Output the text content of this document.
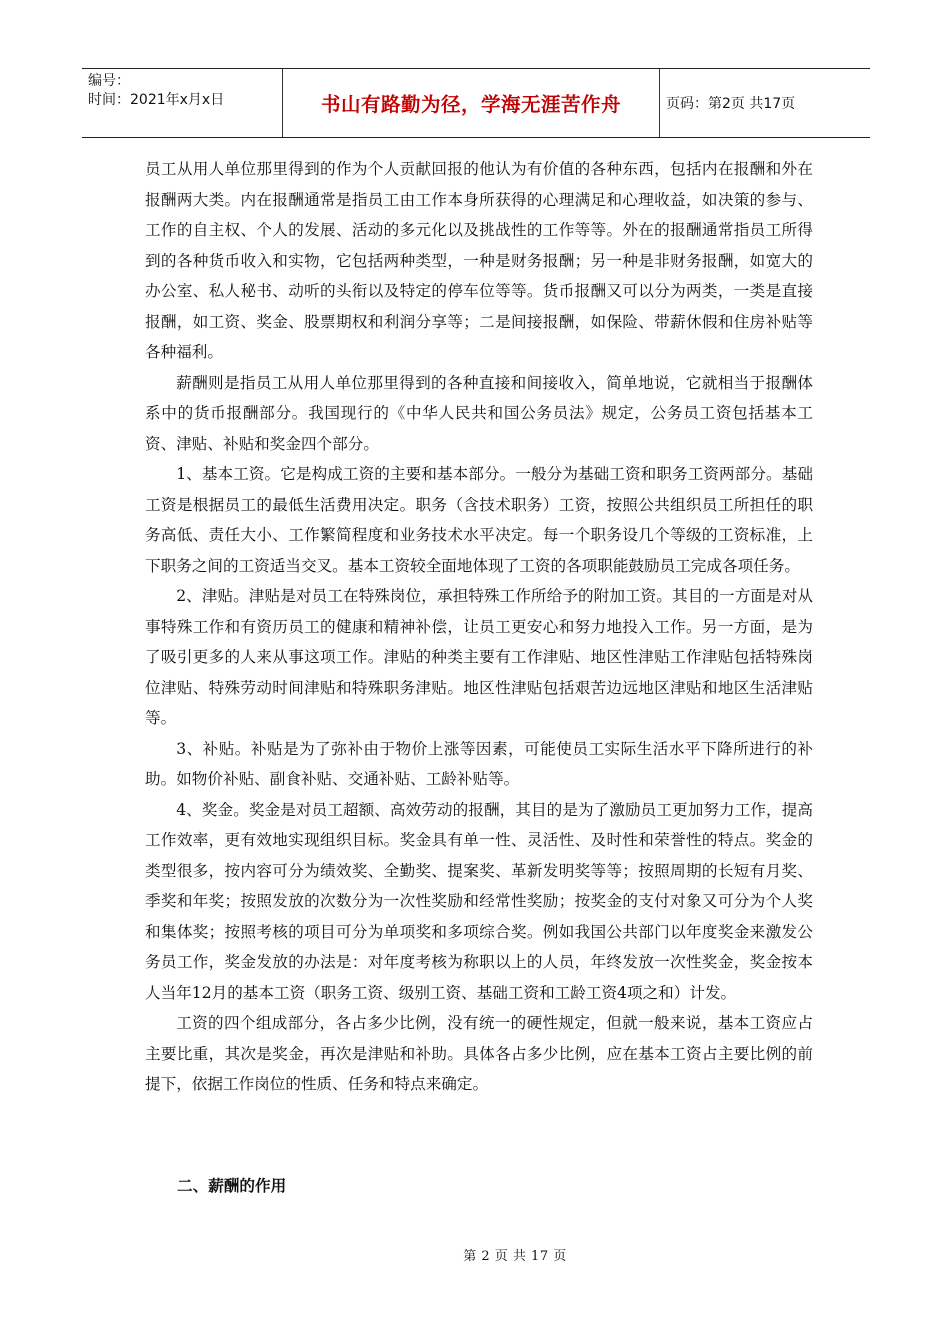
编号：
时间：2021年x月x日	书山有路勤为径，学海无涯苦作舟	页码：第2页 共17页

员工从用人单位那里得到的作为个人贡献回报的他认为有价值的各种东西，包括内在报酬和外在报酬两大类。内在报酬通常是指员工由工作本身所获得的心理满足和心理收益，如决策的参与、工作的自主权、个人的发展、活动的多元化以及挑战性的工作等等。外在的报酬通常指员工所得到的各种货币收入和实物，它包括两种类型，一种是财务报酬；另一种是非财务报酬，如宽大的办公室、私人秘书、动听的头衔以及特定的停车位等等。货币报酬又可以分为两类，一类是直接报酬，如工资、奖金、股票期权和利润分享等；二是间接报酬，如保险、带薪休假和住房补贴等各种福利。

薪酬则是指员工从用人单位那里得到的各种直接和间接收入，简单地说，它就相当于报酬体系中的货币报酬部分。我国现行的《中华人民共和国公务员法》规定，公务员工资包括基本工资、津贴、补贴和奖金四个部分。

1、基本工资。它是构成工资的主要和基本部分。一般分为基础工资和职务工资两部分。基础工资是根据员工的最低生活费用决定。职务（含技术职务）工资，按照公共组织员工所担任的职务高低、责任大小、工作繁简程度和业务技术水平决定。每一个职务设几个等级的工资标准，上下职务之间的工资适当交叉。基本工资较全面地体现了工资的各项职能鼓励员工完成各项任务。

2、津贴。津贴是对员工在特殊岗位，承担特殊工作所给予的附加工资。其目的一方面是对从事特殊工作和有资历员工的健康和精神补偿，让员工更安心和努力地投入工作。另一方面，是为了吸引更多的人来从事这项工作。津贴的种类主要有工作津贴、地区性津贴工作津贴包括特殊岗位津贴、特殊劳动时间津贴和特殊职务津贴。地区性津贴包括艰苦边远地区津贴和地区生活津贴等。

3、补贴。补贴是为了弥补由于物价上涨等因素，可能使员工实际生活水平下降所进行的补助。如物价补贴、副食补贴、交通补贴、工龄补贴等。

4、奖金。奖金是对员工超额、高效劳动的报酬，其目的是为了激励员工更加努力工作，提高工作效率，更有效地实现组织目标。奖金具有单一性、灵活性、及时性和荣誉性的特点。奖金的类型很多，按内容可分为绩效奖、全勤奖、提案奖、革新发明奖等等；按照周期的长短有月奖、季奖和年奖；按照发放的次数分为一次性奖励和经常性奖励；按奖金的支付对象又可分为个人奖和集体奖；按照考核的项目可分为单项奖和多项综合奖。例如我国公共部门以年度奖金来激发公务员工作，奖金发放的办法是：对年度考核为称职以上的人员，年终发放一次性奖金，奖金按本人当年12月的基本工资（职务工资、级别工资、基础工资和工龄工资4项之和）计发。

工资的四个组成部分，各占多少比例，没有统一的硬性规定，但就一般来说，基本工资应占主要比重，其次是奖金，再次是津贴和补助。具体各占多少比例，应在基本工资占主要比例的前提下，依据工作岗位的性质、任务和特点来确定。

二、薪酬的作用
第 2 页 共 17 页
